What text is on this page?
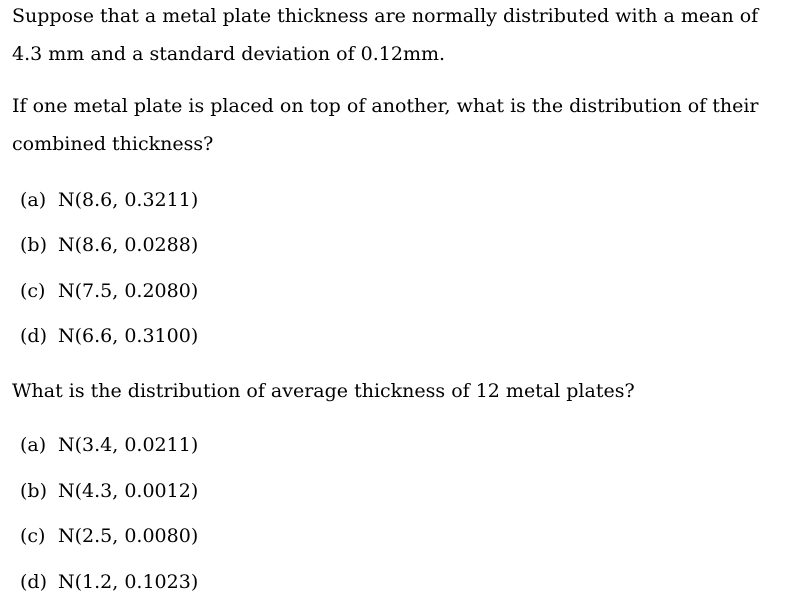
Suppose that a metal plate thickness are normally distributed with a mean of 4.3 mm and a standard deviation of 0.12mm.

If one metal plate is placed on top of another, what is the distribution of their combined thickness?

(a) N(8.6, 0.3211)
(b) N(8.6, 0.0288)
(c) N(7.5, 0.2080)
(d) N(6.6, 0.3100)

What is the distribution of average thickness of 12 metal plates?

(a) N(3.4, 0.0211)
(b) N(4.3, 0.0012)
(c) N(2.5, 0.0080)
(d) N(1.2, 0.1023)
